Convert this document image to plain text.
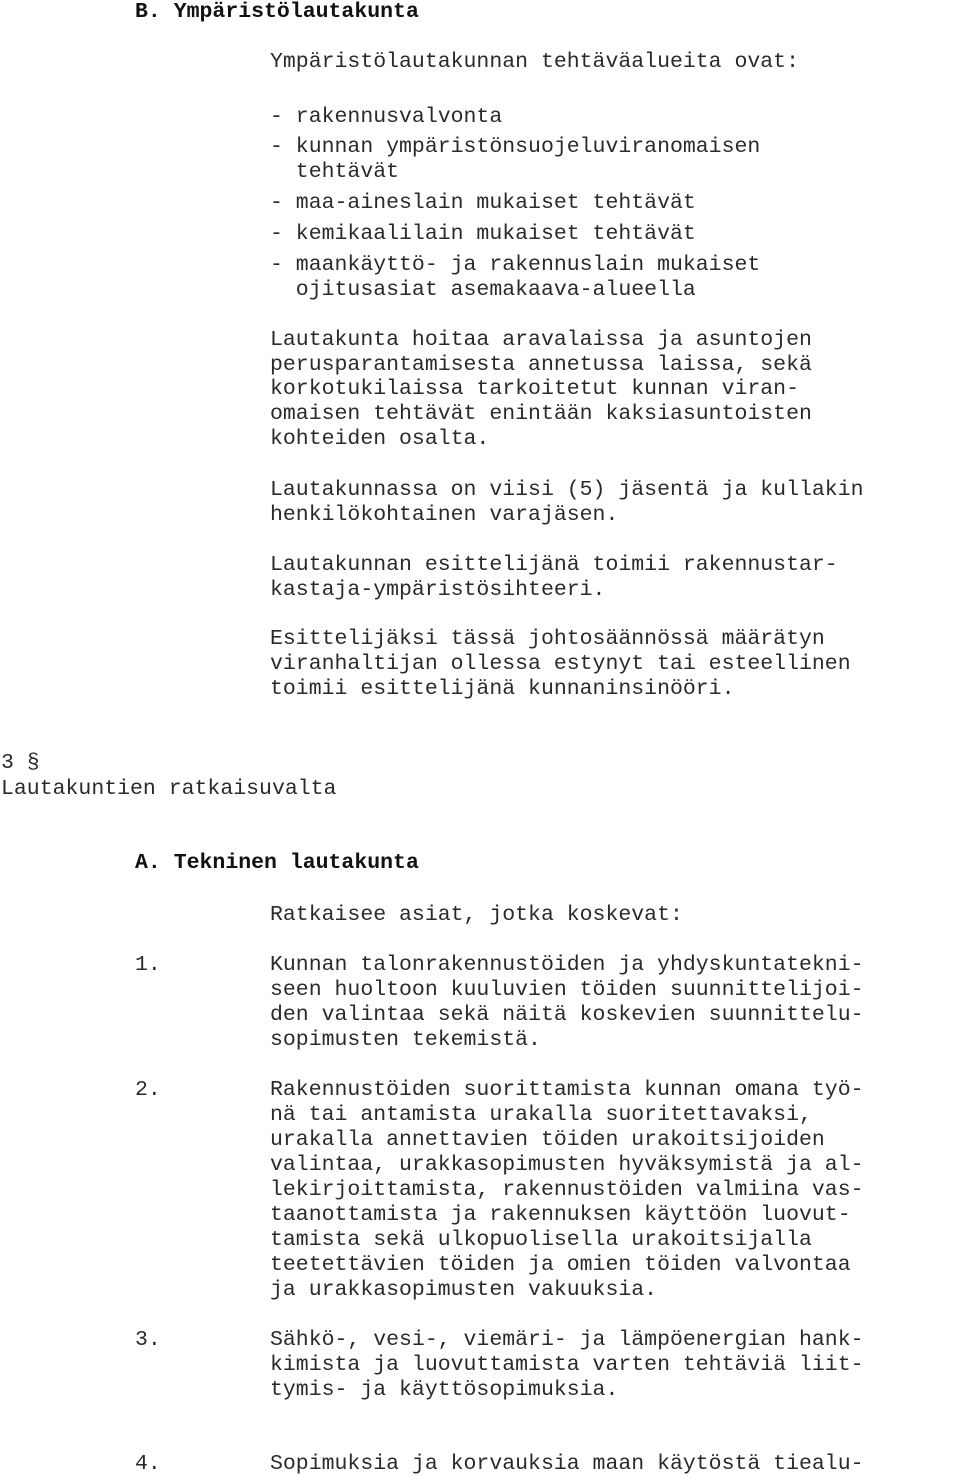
B. Ympäristölautakunta
Ympäristölautakunnan tehtäväalueita ovat:
- rakennusvalvonta
- kunnan ympäristönsuojeluviranomaisen
tehtävät
- maa-aineslain mukaiset tehtävät
- kemikaalilain mukaiset tehtävät
- maankäyttö- ja rakennuslain mukaiset
ojitusasiat asemakaava-alueella
Lautakunta hoitaa aravalaissa ja asuntojen
perusparantamisesta annetussa laissa, sekä
korkotukilaissa tarkoitetut kunnan viran-
omaisen tehtävät enintään kaksiasuntoisten
kohteiden osalta.
Lautakunnassa on viisi (5) jäsentä ja kullakin
henkilökohtainen varajäsen.
Lautakunnan esittelijänä toimii rakennustar-
kastaja-ympäristösihteeri.
Esittelijäksi tässä johtosäännössä määrätyn
viranhaltijan ollessa estynyt tai esteellinen
toimii esittelijänä kunnaninsinööri.
3 §
Lautakuntien ratkaisuvalta
A. Tekninen lautakunta
Ratkaisee asiat, jotka koskevat:
1.	Kunnan talonrakennustöiden ja yhdyskuntatekni-
seen huoltoon kuuluvien töiden suunnittelijoi-
den valintaa sekä näitä koskevien suunnittelu-
sopimusten tekemistä.
2.	Rakennustöiden suorittamista kunnan omana työ-
nä tai antamista urakalla suoritettavaksi,
urakalla annettavien töiden urakoitsijoiden
valintaa, urakkasopimusten hyväksymistä ja al-
lekirjoittamista, rakennustöiden valmiina vas-
taanottamista ja rakennuksen käyttöön luovut-
tamista sekä ulkopuolisella urakoitsijalla
teetettävien töiden ja omien töiden valvontaa
ja urakkasopimusten vakuuksia.
3.	Sähkö-, vesi-, viemäri- ja lämpöenergian hank-
kimista ja luovuttamista varten tehtäviä liit-
tymis- ja käyttösopimuksia.
4.	Sopimuksia ja korvauksia maan käytöstä tiealu-
